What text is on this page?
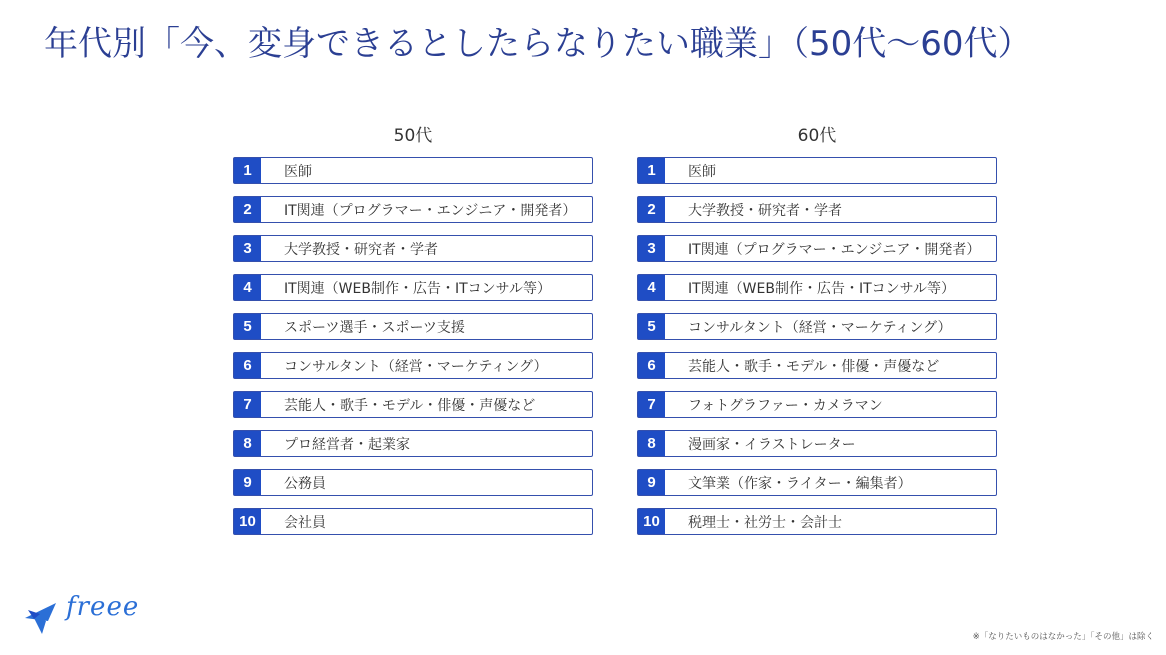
年代別「今、変身できるとしたらなりたい職業」（50代〜60代）
50代
1	医師
2	IT関連（プログラマー・エンジニア・開発者）
3	大学教授・研究者・学者
4	IT関連（WEB制作・広告・ITコンサル等）
5	スポーツ選手・スポーツ支援
6	コンサルタント（経営・マーケティング）
7	芸能人・歌手・モデル・俳優・声優など
8	プロ経営者・起業家
9	公務員
10	会社員
60代
1	医師
2	大学教授・研究者・学者
3	IT関連（プログラマー・エンジニア・開発者）
4	IT関連（WEB制作・広告・ITコンサル等）
5	コンサルタント（経営・マーケティング）
6	芸能人・歌手・モデル・俳優・声優など
7	フォトグラファー・カメラマン
8	漫画家・イラストレーター
9	文筆業（作家・ライター・編集者）
10	税理士・社労士・会計士
freee
※「なりたいものはなかった」「その他」は除く
